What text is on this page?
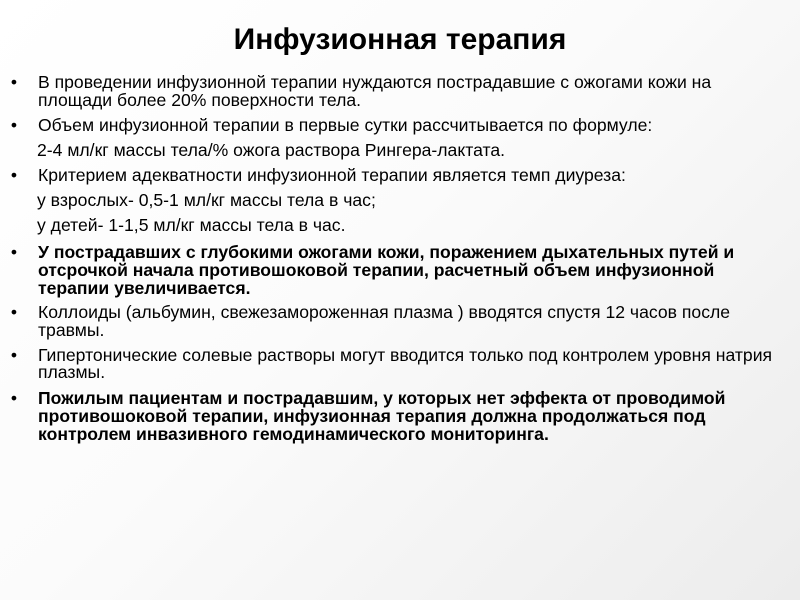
Инфузионная терапия
• В проведении инфузионной терапии нуждаются пострадавшие с ожогами кожи на площади более 20% поверхности тела.
• Объем инфузионной терапии в первые сутки рассчитывается по формуле:
2-4 мл/кг массы тела/% ожога раствора Рингера-лактата.
• Критерием адекватности инфузионной терапии является темп диуреза:
у взрослых- 0,5-1 мл/кг массы тела в час;
у детей- 1-1,5 мл/кг массы тела в час.
• У пострадавших с глубокими ожогами кожи, поражением дыхательных путей и отсрочкой начала противошоковой терапии, расчетный объем инфузионной терапии увеличивается.
• Коллоиды (альбумин, свежезамороженная плазма ) вводятся спустя 12 часов после травмы.
• Гипертонические солевые растворы могут вводится только под контролем уровня натрия плазмы.
• Пожилым пациентам и пострадавшим, у которых нет эффекта от проводимой противошоковой терапии, инфузионная терапия должна продолжаться под контролем инвазивного гемодинамического мониторинга.
